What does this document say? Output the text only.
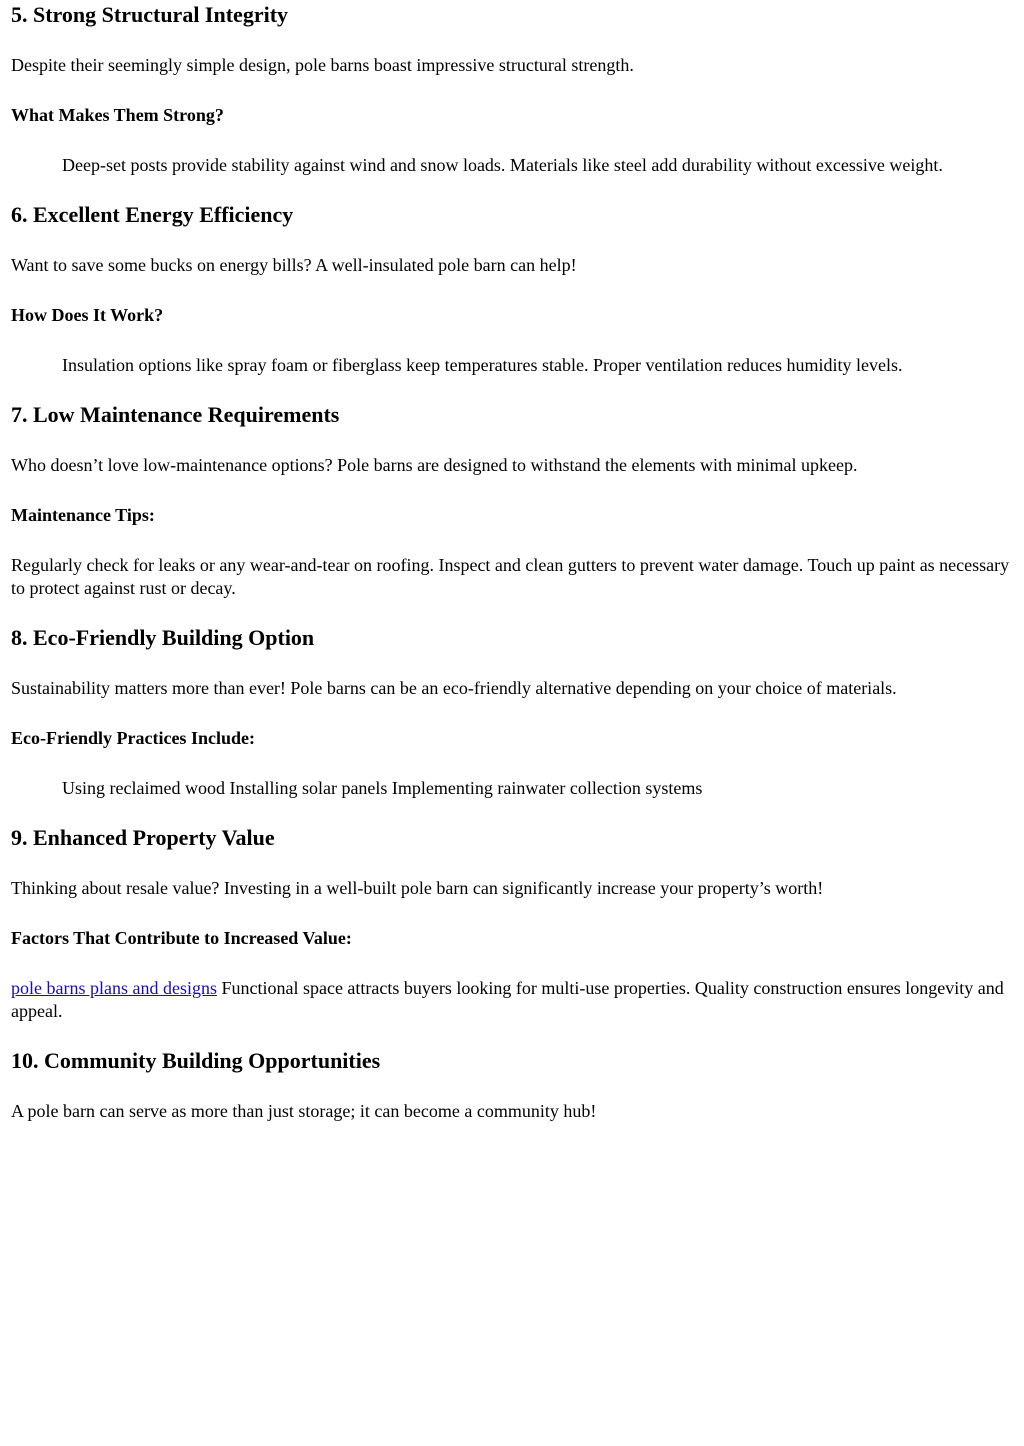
5. Strong Structural Integrity

Despite their seemingly simple design, pole barns boast impressive structural strength.

What Makes Them Strong?
Deep-set posts provide stability against wind and snow loads. Materials like steel add durability without excessive weight.
6. Excellent Energy Efficiency

Want to save some bucks on energy bills? A well-insulated pole barn can help!

How Does It Work?
Insulation options like spray foam or fiberglass keep temperatures stable. Proper ventilation reduces humidity levels.
7. Low Maintenance Requirements

Who doesn’t love low-maintenance options? Pole barns are designed to withstand the elements with minimal upkeep.

Maintenance Tips:

Regularly check for leaks or any wear-and-tear on roofing. Inspect and clean gutters to prevent water damage. Touch up paint as necessary to protect against rust or decay.

8. Eco-Friendly Building Option

Sustainability matters more than ever! Pole barns can be an eco-friendly alternative depending on your choice of materials.

Eco-Friendly Practices Include:
Using reclaimed wood Installing solar panels Implementing rainwater collection systems
9. Enhanced Property Value

Thinking about resale value? Investing in a well-built pole barn can significantly increase your property’s worth!

Factors That Contribute to Increased Value:

pole barns plans and designs Functional space attracts buyers looking for multi-use properties. Quality construction ensures longevity and appeal.

10. Community Building Opportunities

A pole barn can serve as more than just storage; it can become a community hub!
